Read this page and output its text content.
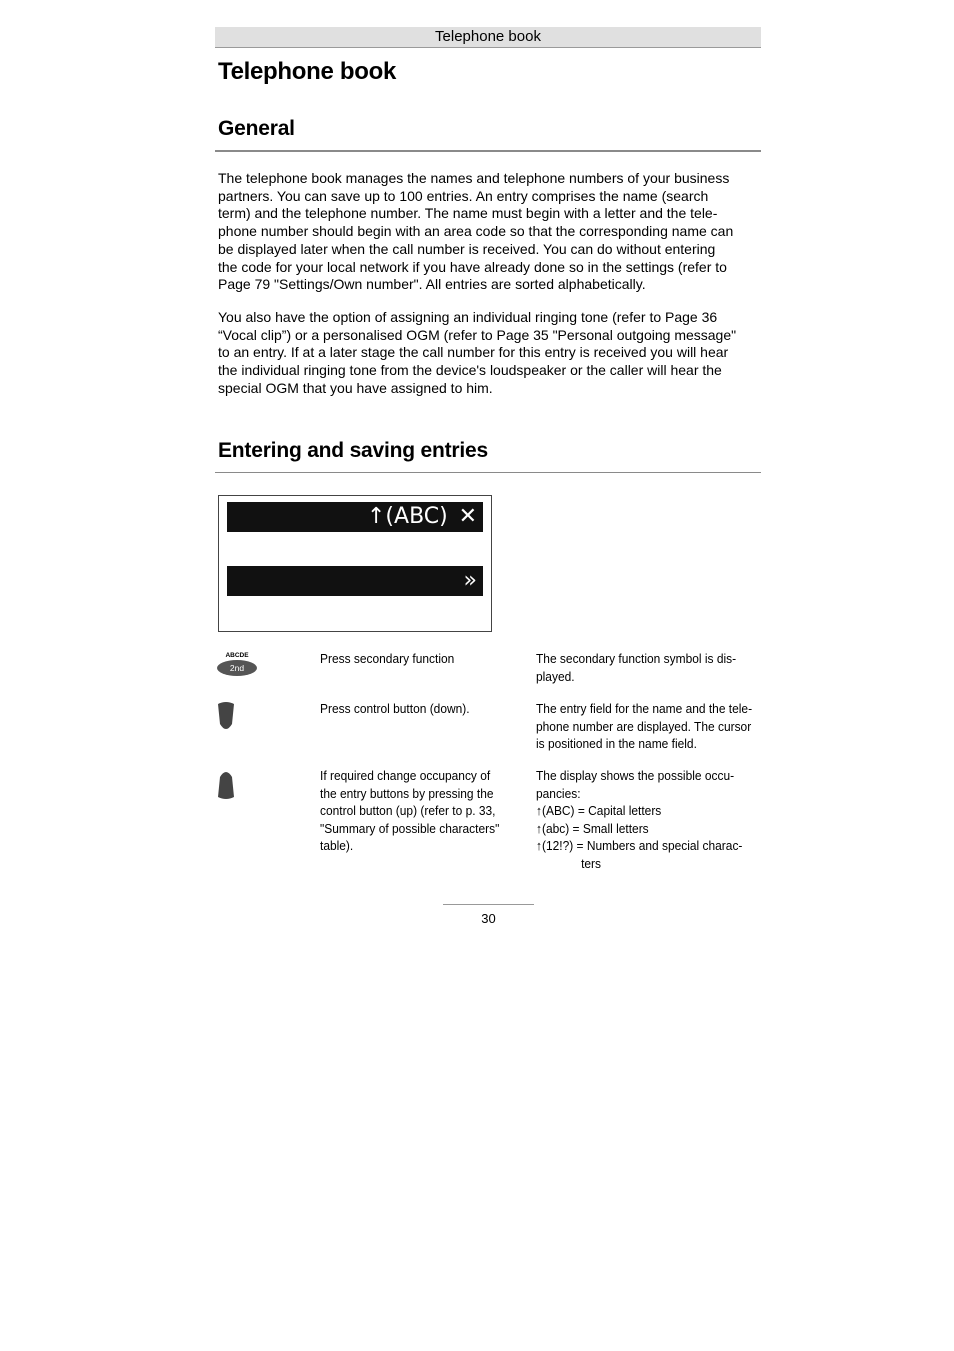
Telephone book
Telephone book
General

The telephone book manages the names and telephone numbers of your business
partners. You can save up to 100 entries. An entry comprises the name (search
term) and the telephone number. The name must begin with a letter and the tele-
phone number should begin with an area code so that the corresponding name can
be displayed later when the call number is received. You can do without entering
the code for your local network if you have already done so in the settings (refer to
Page 79 "Settings/Own number". All entries are sorted alphabetically.

You also have the option of assigning an individual ringing tone (refer to Page 36
“Vocal clip”) or a personalised OGM (refer to Page 35 "Personal outgoing message"
to an entry. If at a later stage the call number for this entry is received you will hear
the individual ringing tone from the device's loudspeaker or the caller will hear the
special OGM that you have assigned to him.

Entering and saving entries

Name:

↑(ABC)

✕

Telephone number:

»

ABCDE
2nd
Press secondary function	The secondary function symbol is dis-
played.
Press control button (down).	The entry field for the name and the tele-
phone number are displayed. The cursor
is positioned in the name field.
If required change occupancy of
the entry buttons by pressing the
control button (up) (refer to p. 33,
"Summary of possible characters"
table).
The display shows the possible occu-
pancies:
↑(ABC) = Capital letters
↑(abc) = Small letters
↑(12!?) = Numbers and special charac-
ters
30
